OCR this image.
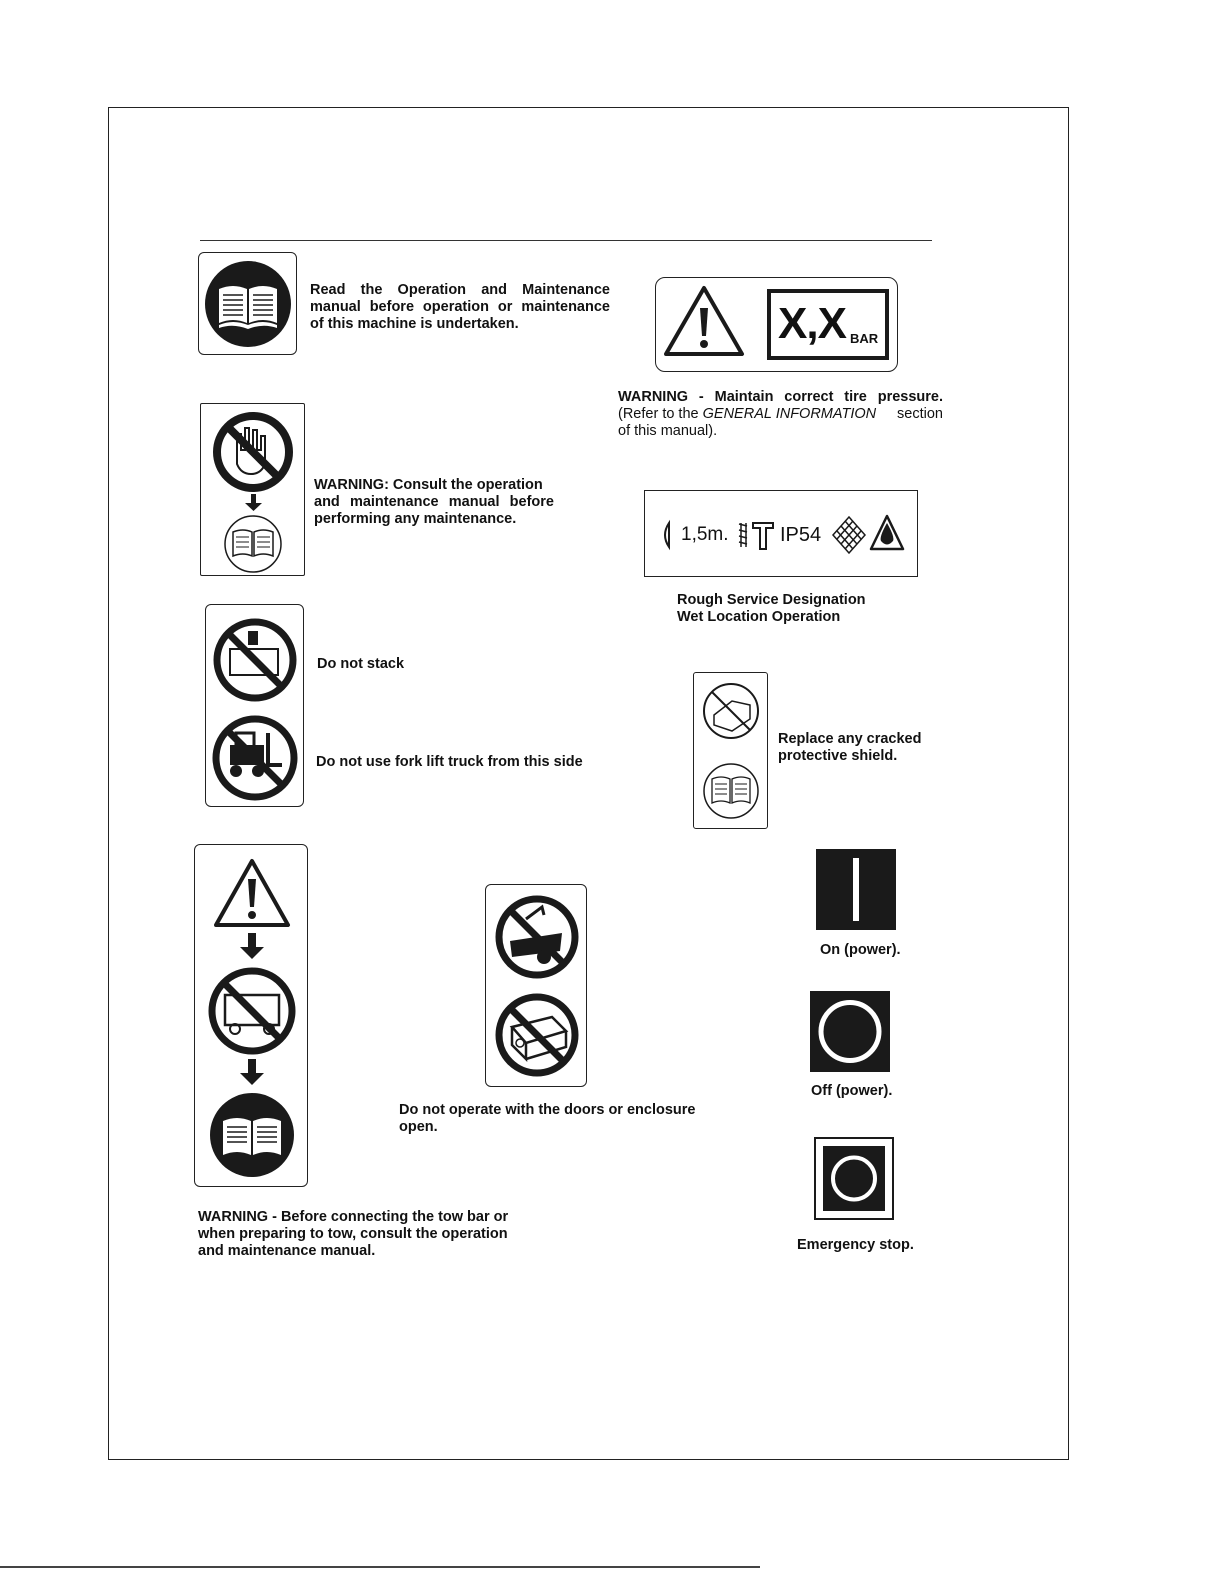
Read the Operation and Maintenance
manual before operation or maintenance
of this machine is undertaken.	X,X BAR
WARNING - Maintain correct tire pressure.
(Refer to the GENERAL INFORMATION section
of this manual).
WARNING: Consult the operation
and maintenance manual before
performing any maintenance.
1,5m.	IP54
Rough Service Designation
Wet Location Operation
Do not stack
Do not use fork lift truck from this side
Replace any cracked
protective shield.
WARNING - Before connecting the tow bar or
when preparing to tow, consult the operation
and maintenance manual.
Do not operate with the doors or enclosure
open.
On (power).
Off (power).
Emergency stop.
